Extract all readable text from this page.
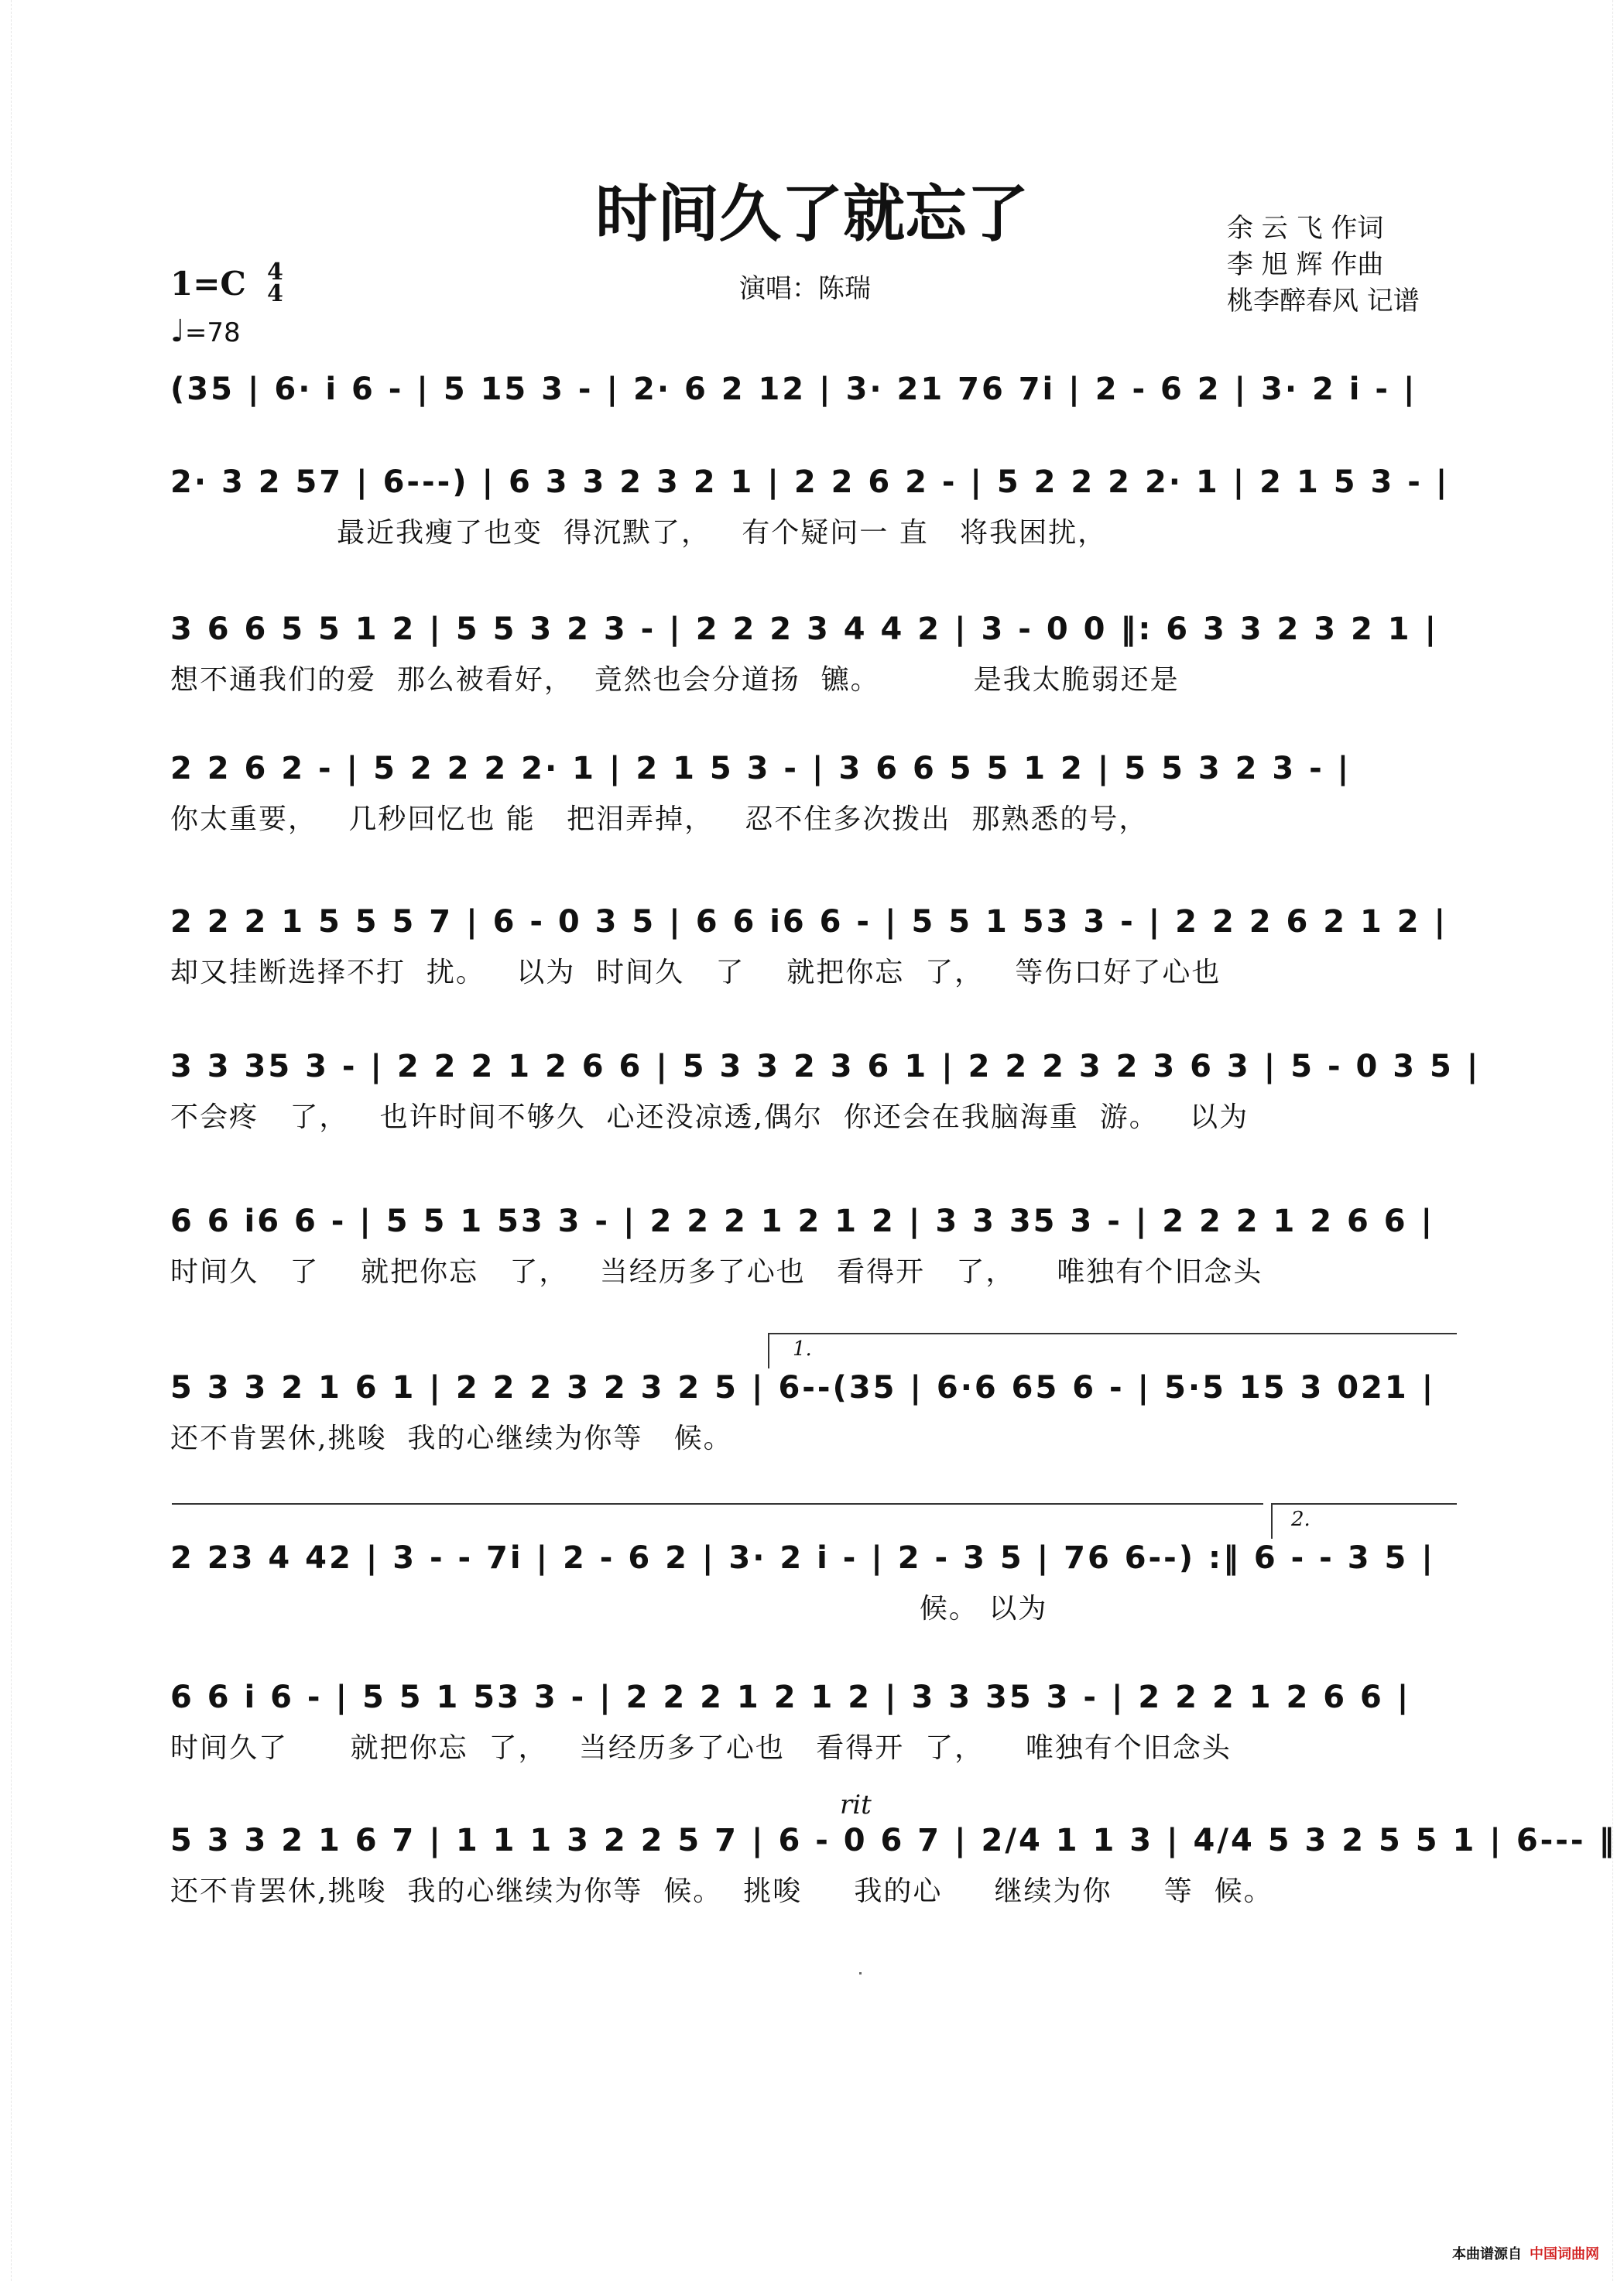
时间久了就忘了	余 云 飞 作词
李 旭 辉 作曲
桃李醉春风 记谱
1=C 4
4
♩=78
演唱：陈瑞
(35 | 6· i 6 - | 5 15 3 - | 2· 6 2 12 | 3· 21 76 7i | 2 - 6 2 | 3· 2 i - |
2· 3 2 57 | 6---) | 6 3 3 2 3 2 1 | 2 2 6 2 - | 5 2 2 2 2· 1 | 2 1 5 3 - |
最近我瘦了也变  得沉默了，   有个疑问一 直   将我困扰，
3 6 6 5 5 1 2 | 5 5 3 2 3 - | 2 2 2 3 4 4 2 | 3 - 0 0 ‖: 6 3 3 2 3 2 1 |
想不通我们的爱  那么被看好，  竟然也会分道扬  镳。         是我太脆弱还是
2 2 6 2 - | 5 2 2 2 2· 1 | 2 1 5 3 - | 3 6 6 5 5 1 2 | 5 5 3 2 3 - |
你太重要，   几秒回忆也 能   把泪弄掉，   忍不住多次拨出  那熟悉的号，
2 2 2 1 5 5 5 7 | 6 - 0 3 5 | 6 6 i6 6 - | 5 5 1 53 3 - | 2 2 2 6 2 1 2 |
却又挂断选择不打  扰。   以为  时间久   了    就把你忘  了，   等伤口好了心也
3 3 35 3 - | 2 2 2 1 2 6 6 | 5 3 3 2 3 6 1 | 2 2 2 3 2 3 6 3 | 5 - 0 3 5 |
不会疼   了，   也许时间不够久  心还没凉透,偶尔  你还会在我脑海重  游。   以为
6 6 i6 6 - | 5 5 1 53 3 - | 2 2 2 1 2 1 2 | 3 3 35 3 - | 2 2 2 1 2 6 6 |
时间久   了    就把你忘   了，   当经历多了心也   看得开   了，    唯独有个旧念头
1.
5 3 3 2 1 6 1 | 2 2 2 3 2 3 2 5 | 6--(35 | 6·6 65 6 - | 5·5 15 3 021 |
还不肯罢休,挑唆  我的心继续为你等   候。
2.
2 23 4 42 | 3 - - 7i | 2 - 6 2 | 3· 2 i - | 2 - 3 5 | 76 6--) :‖ 6 - - 3 5 |
候。 以为
6 6 i 6 - | 5 5 1 53 3 - | 2 2 2 1 2 1 2 | 3 3 35 3 - | 2 2 2 1 2 6 6 |
时间久了      就把你忘  了，   当经历多了心也   看得开  了，    唯独有个旧念头
rit
5 3 3 2 1 6 7 | 1 1 1 3 2 2 5 7 | 6 - 0 6 7 | 2/4 1 1 3 | 4/4 5 3 2 5 5 1 | 6--- ‖
还不肯罢休,挑唆  我的心继续为你等  候。  挑唆     我的心     继续为你     等  候。
本曲谱源自 中国词曲网
